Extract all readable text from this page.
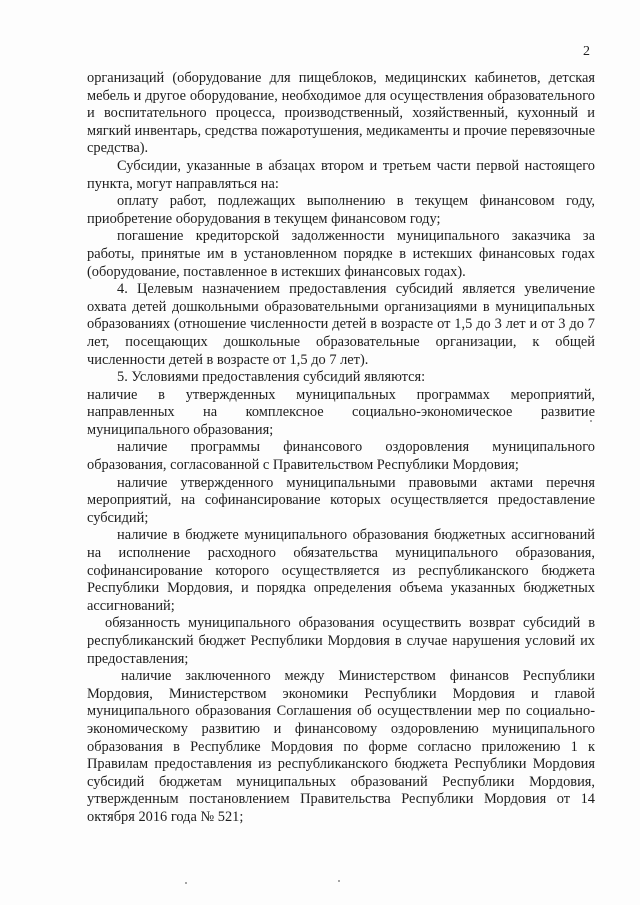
2

организаций (оборудование для пищеблоков, медицинских кабинетов, детская мебель и другое оборудование, необходимое для осуществления образовательного и воспитательного процесса, производственный, хозяйственный, кухонный и мягкий инвентарь, средства пожаротушения, медикаменты и прочие перевязочные средства).

Субсидии, указанные в абзацах втором и третьем части первой настоящего пункта, могут направляться на:

оплату работ, подлежащих выполнению в текущем финансовом году, приобретение оборудования в текущем финансовом году;

погашение кредиторской задолженности муниципального заказчика за работы, принятые им в установленном порядке в истекших финансовых годах (оборудование, поставленное в истекших финансовых годах).

4. Целевым назначением предоставления субсидий является увеличение охвата детей дошкольными образовательными организациями в муниципальных образованиях (отношение численности детей в возрасте от 1,5 до 3 лет и от 3 до 7 лет, посещающих дошкольные образовательные организации, к общей численности детей в возрасте от 1,5 до 7 лет).

5. Условиями предоставления субсидий являются:

наличие в утвержденных муниципальных программах мероприятий, направленных на комплексное социально-экономическое развитие муниципального образования;

наличие программы финансового оздоровления муниципального образования, согласованной с Правительством Республики Мордовия;

наличие утвержденного муниципальными правовыми актами перечня мероприятий, на софинансирование которых осуществляется предоставление субсидий;

наличие в бюджете муниципального образования бюджетных ассигнований на исполнение расходного обязательства муниципального образования, софинансирование которого осуществляется из республиканского бюджета Республики Мордовия, и порядка определения объема указанных бюджетных ассигнований;

обязанность муниципального образования осуществить возврат субсидий в республиканский бюджет Республики Мордовия в случае нарушения условий их предоставления;

наличие заключенного между Министерством финансов Республики Мордовия, Министерством экономики Республики Мордовия и главой муниципального образования Соглашения об осуществлении мер по социально-экономическому развитию и финансовому оздоровлению муниципального образования в Республике Мордовия по форме согласно приложению 1 к Правилам предоставления из республиканского бюджета Республики Мордовия субсидий бюджетам муниципальных образований Республики Мордовия, утвержденным постановлением Правительства Республики Мордовия от 14 октября 2016 года № 521;
